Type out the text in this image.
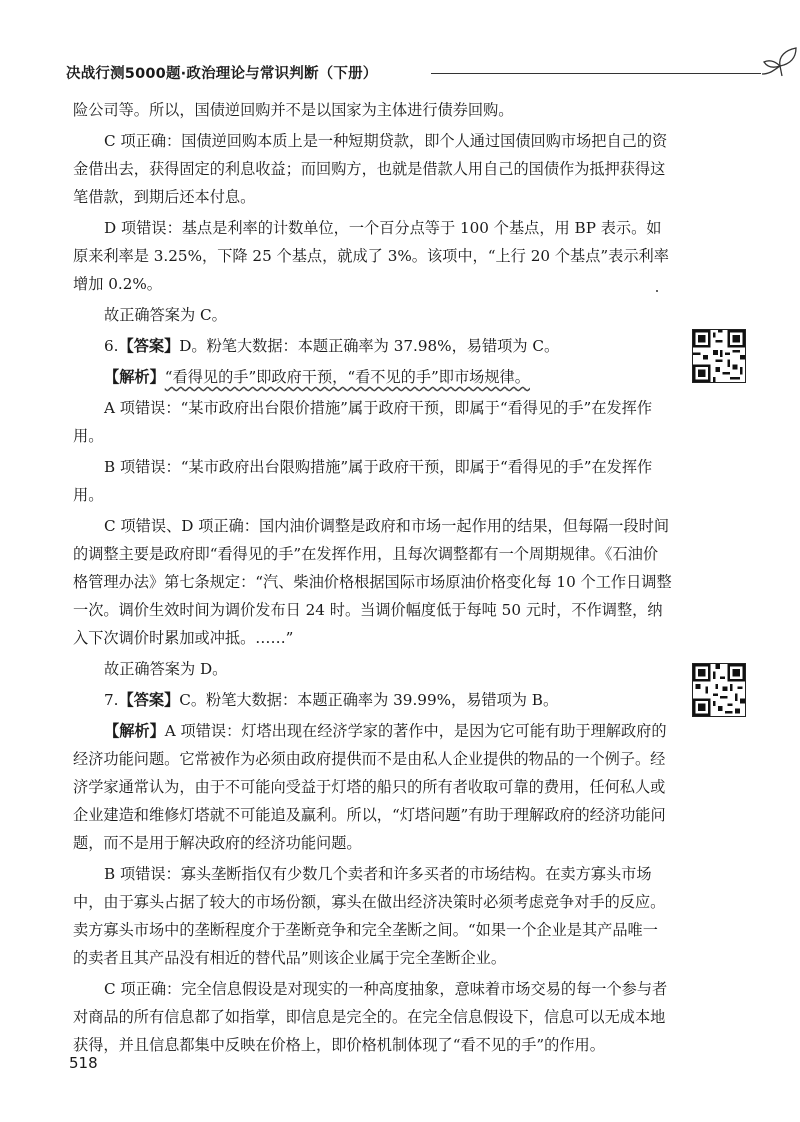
决战行测5000题·政治理论与常识判断（下册）

险公司等。所以，国债逆回购并不是以国家为主体进行债券回购。

C 项正确：国债逆回购本质上是一种短期贷款，即个人通过国债回购市场把自己的资金借出去，获得固定的利息收益；而回购方，也就是借款人用自己的国债作为抵押获得这笔借款，到期后还本付息。

D 项错误：基点是利率的计数单位，一个百分点等于 100 个基点，用 BP 表示。如原来利率是 3.25%，下降 25 个基点，就成了 3%。该项中，“上行 20 个基点”表示利率增加 0.2%。

故正确答案为 C。

6.【答案】D。粉笔大数据：本题正确率为 37.98%，易错项为 C。

【解析】“看得见的手”即政府干预，“看不见的手”即市场规律。

A 项错误：“某市政府出台限价措施”属于政府干预，即属于“看得见的手”在发挥作用。

B 项错误：“某市政府出台限购措施”属于政府干预，即属于“看得见的手”在发挥作用。

C 项错误、D 项正确：国内油价调整是政府和市场一起作用的结果，但每隔一段时间的调整主要是政府即“看得见的手”在发挥作用，且每次调整都有一个周期规律。《石油价格管理办法》第七条规定：“汽、柴油价格根据国际市场原油价格变化每 10 个工作日调整一次。调价生效时间为调价发布日 24 时。当调价幅度低于每吨 50 元时，不作调整，纳入下次调价时累加或冲抵。……”

故正确答案为 D。

7.【答案】C。粉笔大数据：本题正确率为 39.99%，易错项为 B。

【解析】A 项错误：灯塔出现在经济学家的著作中，是因为它可能有助于理解政府的经济功能问题。它常被作为必须由政府提供而不是由私人企业提供的物品的一个例子。经济学家通常认为，由于不可能向受益于灯塔的船只的所有者收取可靠的费用，任何私人或企业建造和维修灯塔就不可能追及赢利。所以，“灯塔问题”有助于理解政府的经济功能问题，而不是用于解决政府的经济功能问题。

B 项错误：寡头垄断指仅有少数几个卖者和许多买者的市场结构。在卖方寡头市场中，由于寡头占据了较大的市场份额，寡头在做出经济决策时必须考虑竞争对手的反应。卖方寡头市场中的垄断程度介于垄断竞争和完全垄断之间。“如果一个企业是其产品唯一的卖者且其产品没有相近的替代品”则该企业属于完全垄断企业。

C 项正确：完全信息假设是对现实的一种高度抽象，意味着市场交易的每一个参与者对商品的所有信息都了如指掌，即信息是完全的。在完全信息假设下，信息可以无成本地获得，并且信息都集中反映在价格上，即价格机制体现了“看不见的手”的作用。

518
